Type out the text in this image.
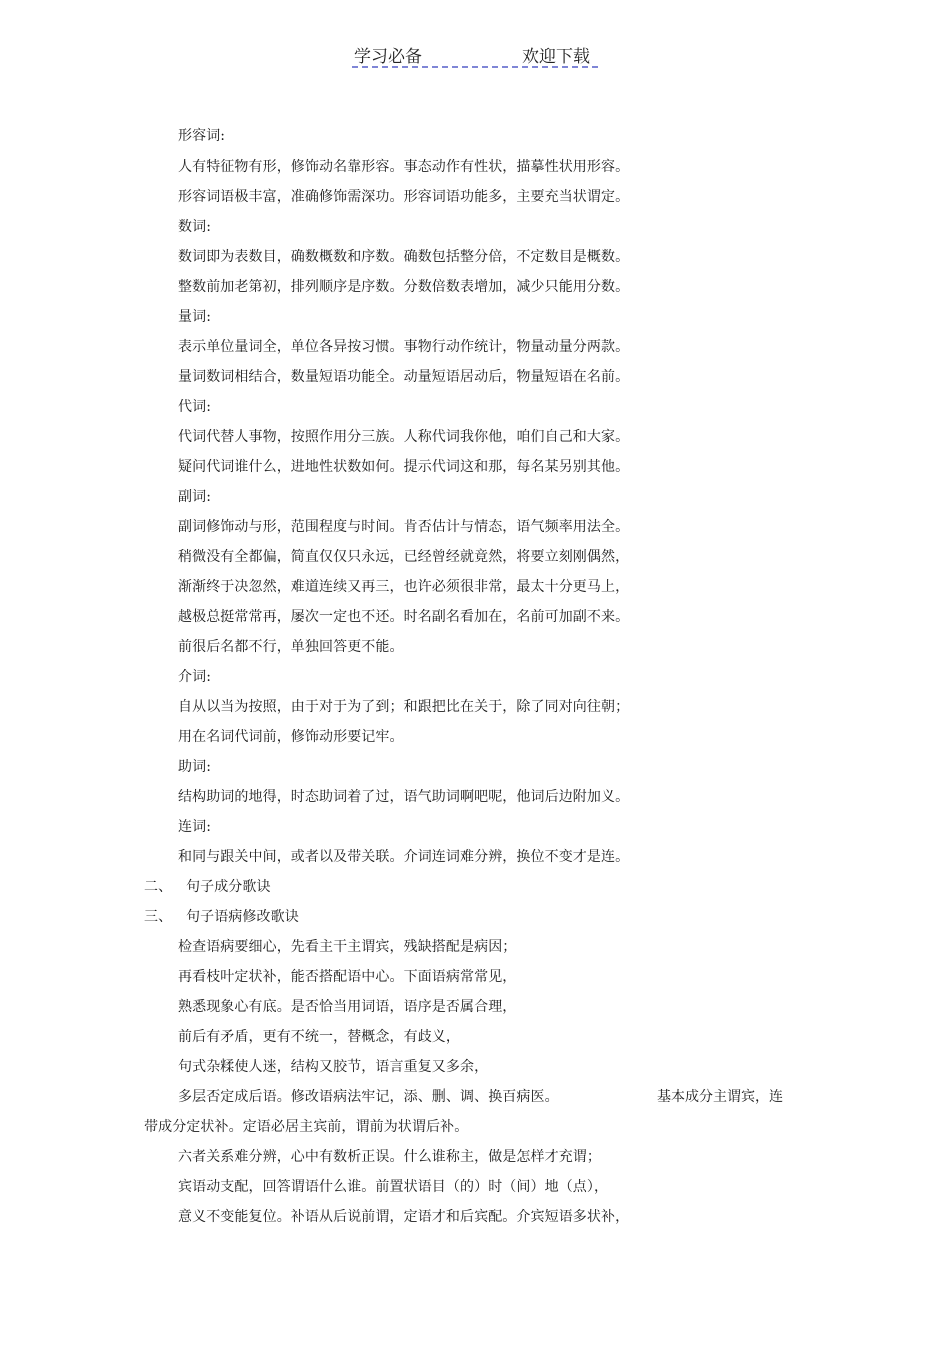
学习必备	欢迎下载
形容词:
人有特征物有形，修饰动名靠形容。事态动作有性状，描摹性状用形容。
形容词语极丰富，准确修饰需深功。形容词语功能多，主要充当状谓定。
数词:
数词即为表数目，确数概数和序数。确数包括整分倍，不定数目是概数。
整数前加老第初，排列顺序是序数。分数倍数表增加，减少只能用分数。
量词:
表示单位量词全，单位各异按习惯。事物行动作统计，物量动量分两款。
量词数词相结合，数量短语功能全。动量短语居动后，物量短语在名前。
代词:
代词代替人事物，按照作用分三族。人称代词我你他，咱们自己和大家。
疑问代词谁什么，进地性状数如何。提示代词这和那，每名某另别其他。
副词:
副词修饰动与形，范围程度与时间。肯否估计与情态，语气频率用法全。
稍微没有全都偏，简直仅仅只永远，已经曾经就竟然，将要立刻刚偶然，
渐渐终于决忽然，难道连续又再三，也许必须很非常，最太十分更马上，
越极总挺常常再，屡次一定也不还。时名副名看加在，名前可加副不来。
前很后名都不行，单独回答更不能。
介词:
自从以当为按照，由于对于为了到；和跟把比在关于，除了同对向往朝；
用在名词代词前，修饰动形要记牢。
助词:
结构助词的地得，时态助词着了过，语气助词啊吧呢，他词后边附加义。
连词:
和同与跟关中间，或者以及带关联。介词连词难分辨，换位不变才是连。
二、 句子成分歌诀
三、 句子语病修改歌诀
检查语病要细心，先看主干主谓宾，残缺搭配是病因；
再看枝叶定状补，能否搭配语中心。下面语病常常见，
熟悉现象心有底。是否恰当用词语，语序是否属合理，
前后有矛盾，更有不统一，替概念，有歧义，
句式杂糅使人迷，结构又胶节，语言重复又多余，
多层否定成后语。修改语病法牢记，添、删、调、换百病医。	基本成分主谓宾，连
带成分定状补。定语必居主宾前，谓前为状谓后补。
六者关系难分辨，心中有数析正误。什么谁称主，做是怎样才充谓；
宾语动支配，回答谓语什么谁。前置状语目（的）时（间）地（点），
意义不变能复位。补语从后说前谓，定语才和后宾配。介宾短语多状补，
